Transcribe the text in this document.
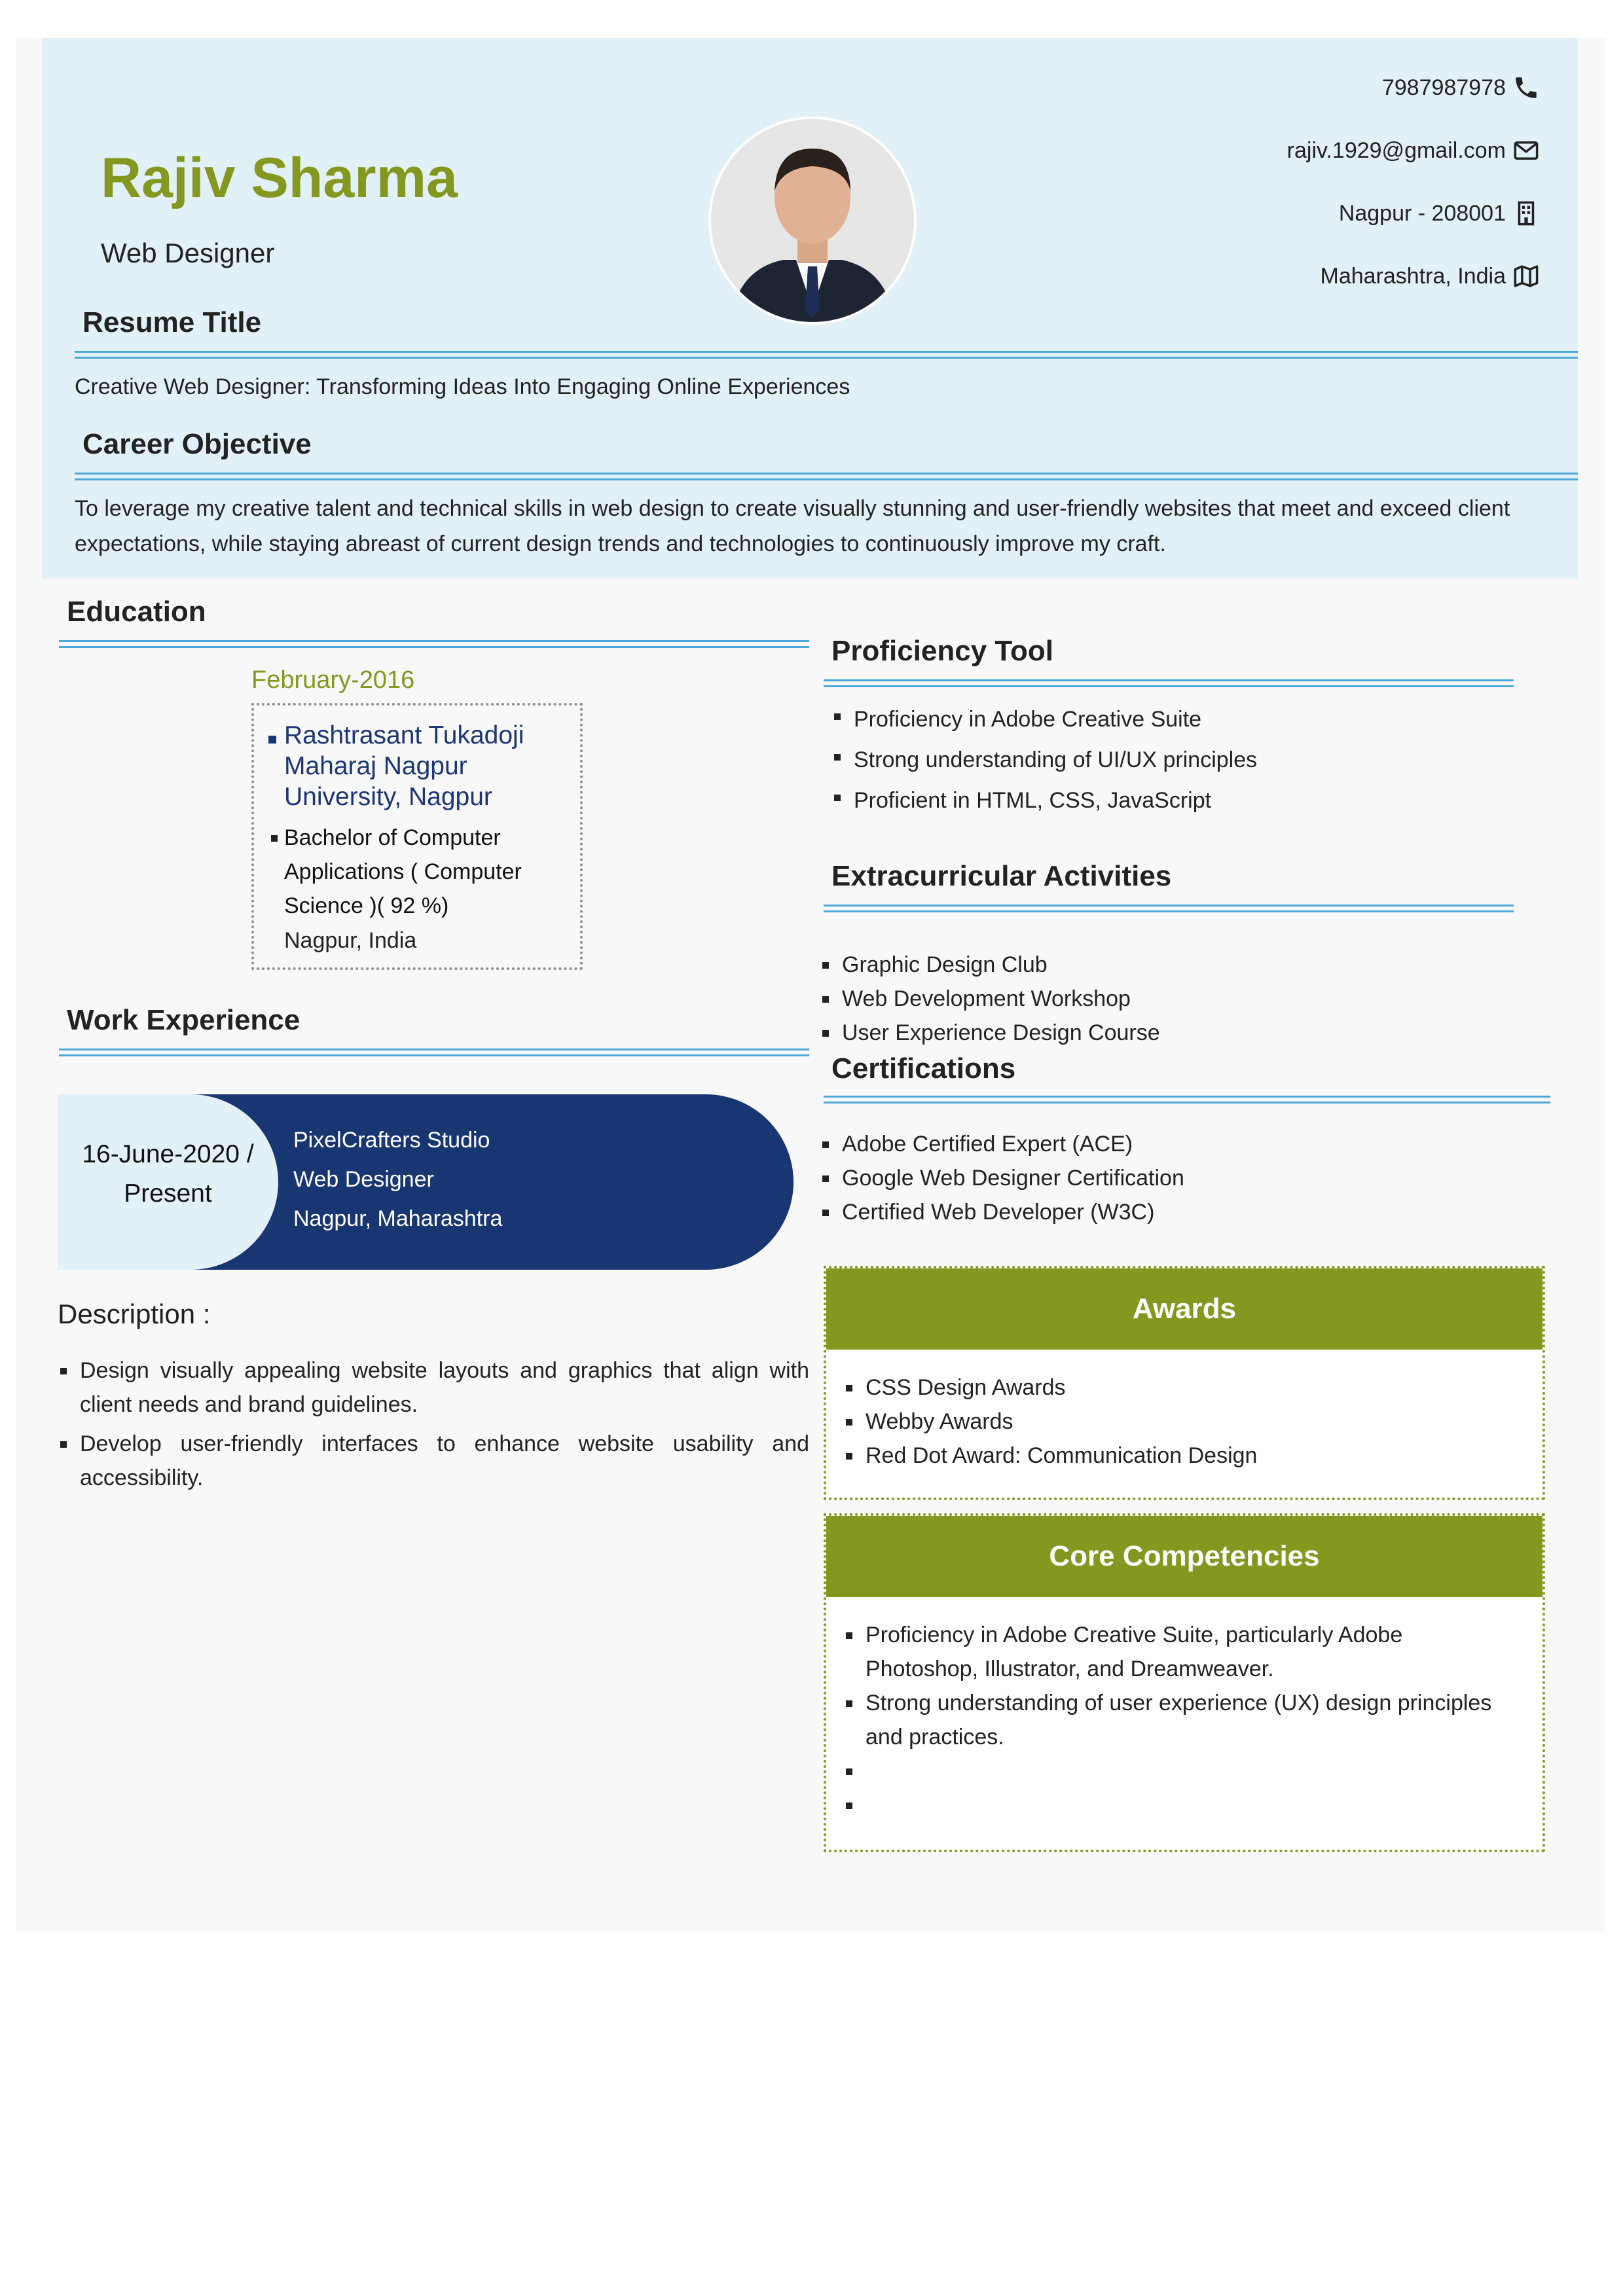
Rajiv Sharma
Web Designer
7987987978
rajiv.1929@gmail.com
Nagpur - 208001
Maharashtra, India
Resume Title
Creative Web Designer: Transforming Ideas Into Engaging Online Experiences
Career Objective
To leverage my creative talent and technical skills in web design to create visually stunning and user-friendly websites that meet and exceed client expectations, while staying abreast of current design trends and technologies to continuously improve my craft.
Education
February-2016
Rashtrasant Tukadoji Maharaj Nagpur University, Nagpur
Bachelor of Computer Applications ( Computer Science )( 92 %)
Nagpur, India
Work Experience
16-June-2020 /
Present
PixelCrafters Studio
Web Designer
Nagpur, Maharashtra
Description :
Design visually appealing website layouts and graphics that align with client needs and brand guidelines.
Develop user-friendly interfaces to enhance website usability and accessibility.
Proficiency Tool
Proficiency in Adobe Creative Suite
Strong understanding of UI/UX principles
Proficient in HTML, CSS, JavaScript
Extracurricular Activities
Graphic Design Club
Web Development Workshop
User Experience Design Course
Certifications
Adobe Certified Expert (ACE)
Google Web Designer Certification
Certified Web Developer (W3C)
Awards
CSS Design Awards
Webby Awards
Red Dot Award: Communication Design
Core Competencies
Proficiency in Adobe Creative Suite, particularly Adobe Photoshop, Illustrator, and Dreamweaver.
Strong understanding of user experience (UX) design principles and practices.
